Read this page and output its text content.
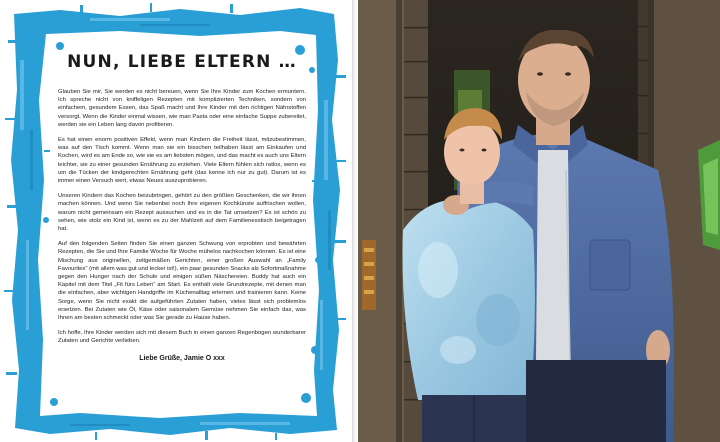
NUN, LIEBE ELTERN …

Glauben Sie mir, Sie werden es nicht bereuen, wenn Sie Ihre Kinder zum Kochen ermuntern. Ich spreche nicht von kniffeligen Rezepten mit komplizierten Techniken, sondern von einfachem, gesundem Essen, das Spaß macht und Ihre Kinder mit den richtigen Nährstoffen versorgt. Wenn die Kinder einmal wissen, wie man Pasta oder eine einfache Suppe zubereitet, werden sie ein Leben lang davon profitieren.

Es hat einen enorm positiven Effekt, wenn man Kindern die Freiheit lässt, mitzubestimmen, was auf den Tisch kommt. Wenn man sie ein bisschen teilhaben lässt am Einkaufen und Kochen, wird es am Ende so, wie sie es am liebsten mögen, und das macht es auch uns Eltern leichter, sie zu einer gesunden Ernährung zu erziehen. Viele Eltern fühlen sich ratlos, wenn es um die Tücken der kindgerechten Ernährung geht (das kenne ich nur zu gut). Darum ist es immer einen Versuch wert, etwas Neues auszuprobieren.

Unseren Kindern das Kochen beizubringen, gehört zu den größten Geschenken, die wir ihnen machen können. Und wenn Sie nebenbei noch Ihre eigenen Kochkünste auffrischen wollen, warum nicht gemeinsam ein Rezept aussuchen und es in die Tat umsetzen? Es ist schön zu sehen, wie stolz ein Kind ist, wenn es zu der Mahlzeit auf dem Familienesstisch beigetragen hat.

Auf den folgenden Seiten finden Sie einen ganzen Schwung von erprobten und bewährten Rezepten, die Sie und Ihre Familie Woche für Woche mühelos nachkochen können. Es ist eine Mischung aus originellen, zeitgemäßen Gerichten, einer großen Auswahl an „Family Favourites“ (mit allem was gut und lecker ist!), ein paar gesunden Snacks als Sofortmaßnahme gegen den Hunger nach der Schule und einigen süßen Näschereien. Buddy hat auch ein Kapitel mit dem Titel „Fit fürs Leben“ am Start. Es enthält viele Grundrezepte, mit denen man die einfachen, aber wichtigen Handgriffe im Küchenalltag erlernen und trainieren kann. Keine Sorge, wenn Sie nicht exakt die aufgeführten Zutaten haben, vieles lässt sich problemlos ersetzen. Bei Zutaten wie Öl, Käse oder saisonalem Gemüse nehmen Sie einfach das, was Ihnen am besten schmeckt oder was Sie gerade zu Hause haben.

Ich hoffe, Ihre Kinder werden sich mit diesem Buch in einen ganzen Regenbogen wunderbarer Zutaten und Gerichte verlieben.

Liebe Grüße, Jamie O xxx
